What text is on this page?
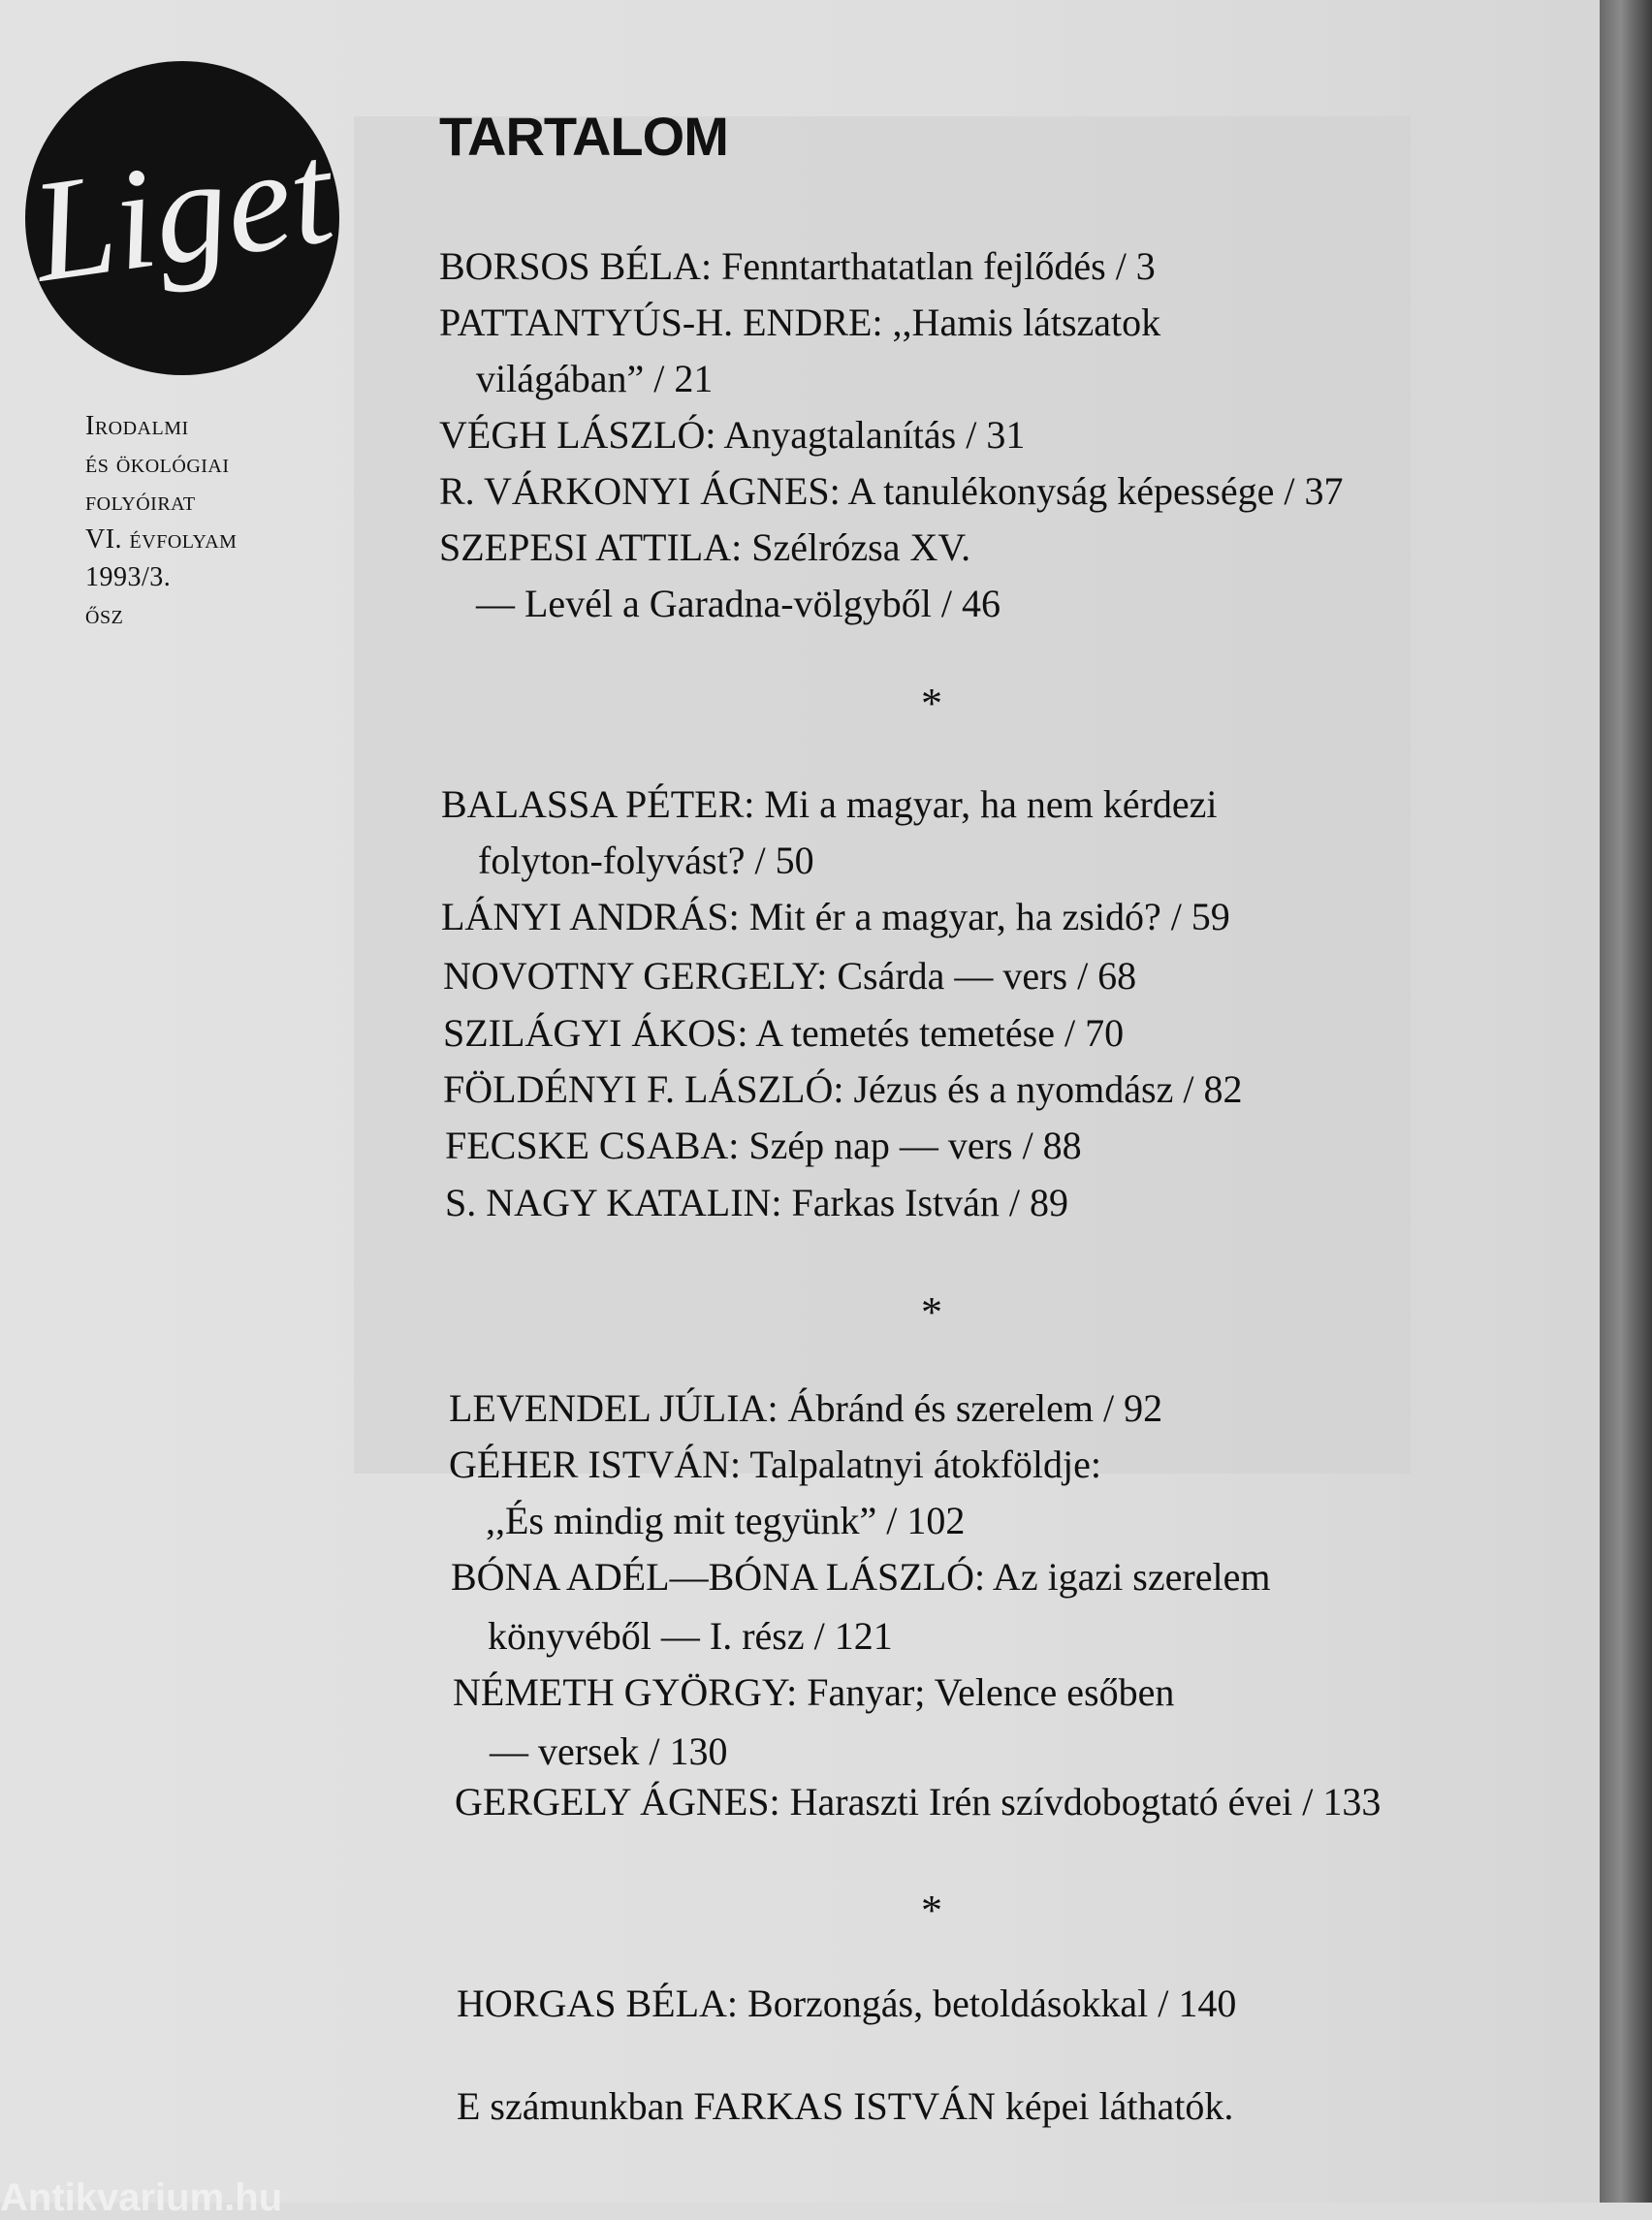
Liget
Irodalmi
és ökológiai
folyóirat
VI. évfolyam
1993/3.
ősz
TARTALOM
BORSOS BÉLA: Fenntarthatatlan fejlődés / 3
PATTANTYÚS-H. ENDRE: ,,Hamis látszatok
világában” / 21
VÉGH LÁSZLÓ: Anyagtalanítás / 31
R. VÁRKONYI ÁGNES: A tanulékonyság képessége / 37
SZEPESI ATTILA: Szélrózsa XV.
— Levél a Garadna-völgyből / 46
*
BALASSA PÉTER: Mi a magyar, ha nem kérdezi
folyton-folyvást? / 50
LÁNYI ANDRÁS: Mit ér a magyar, ha zsidó? / 59
NOVOTNY GERGELY: Csárda — vers / 68
SZILÁGYI ÁKOS: A temetés temetése / 70
FÖLDÉNYI F. LÁSZLÓ: Jézus és a nyomdász / 82
FECSKE CSABA: Szép nap — vers / 88
S. NAGY KATALIN: Farkas István / 89
*
LEVENDEL JÚLIA: Ábránd és szerelem / 92
GÉHER ISTVÁN: Talpalatnyi átokföldje:
,,És mindig mit tegyünk” / 102
BÓNA ADÉL—BÓNA LÁSZLÓ: Az igazi szerelem
könyvéből — I. rész / 121
NÉMETH GYÖRGY: Fanyar; Velence esőben
— versek / 130
GERGELY ÁGNES: Haraszti Irén szívdobogtató évei / 133
*
HORGAS BÉLA: Borzongás, betoldásokkal / 140
E számunkban FARKAS ISTVÁN képei láthatók.
Antikvarium.hu
